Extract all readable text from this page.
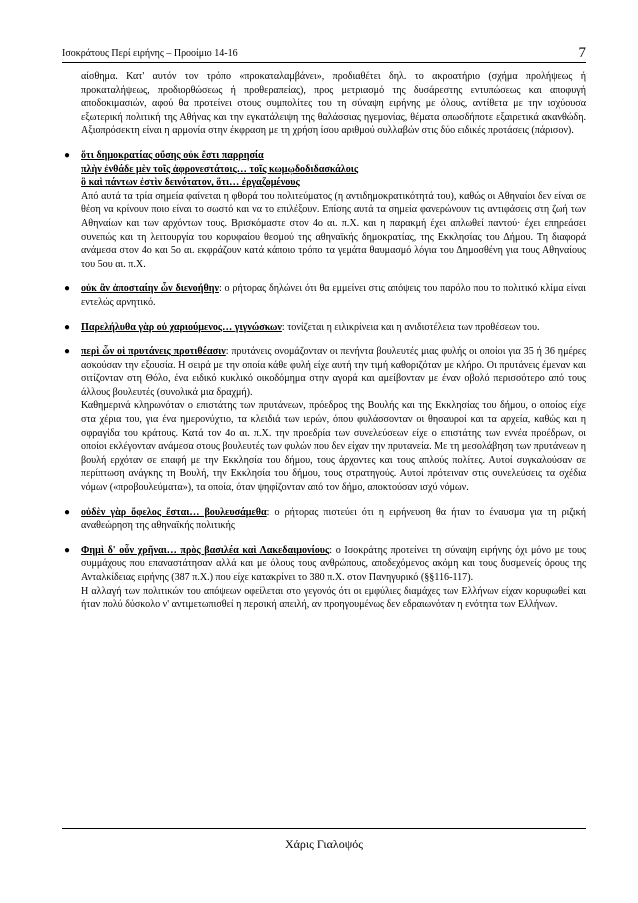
Ισοκράτους Περί ειρήνης – Προοίμιο 14-16	7

αίσθημα. Κατ' αυτόν τον τρόπο «προκαταλαμβάνει», προδιαθέτει δηλ. το ακροατήριο (σχήμα προλήψεως ή προκαταλήψεως, προδιορθώσεως ή προθεραπείας), προς μετριασμό της δυσάρεστης εντυπώσεως και αποφυγή αποδοκιμασιών, αφού θα προτείνει στους συμπολίτες του τη σύναψη ειρήνης με όλους, αντίθετα με την ισχύουσα εξωτερική πολιτική της Αθήνας και την εγκατάλειψη της θαλάσσιας ηγεμονίας, θέματα οπωσδήποτε εξαιρετικά ακανθώδη. Αξιοπρόσεκτη είναι η αρμονία στην έκφραση με τη χρήση ίσου αριθμού συλλαβών στις δύο ειδικές προτάσεις (πάρισον).

● ὅτι δημοκρατίας οὔσης οὐκ ἔστι παρρησία
πλὴν ἐνθάδε μὲν τοῖς ἀφρονεστάτοις… τοῖς κωμῳδοδιδασκάλοις
ὃ καὶ πάντων ἐστὶν δεινότατον, ὅτι… ἐργαζομένους
Από αυτά τα τρία σημεία φαίνεται η φθορά του πολιτεύματος (η αντιδημοκρατικότητά του), καθώς οι Αθηναίοι δεν είναι σε θέση να κρίνουν ποιο είναι το σωστό και να το επιλέξουν. Επίσης αυτά τα σημεία φανερώνουν τις αντιφάσεις στη ζωή των Αθηναίων και των αρχόντων τους. Βρισκόμαστε στον 4ο αι. π.Χ. και η παρακμή έχει απλωθεί παντού· έχει επηρεάσει συνεπώς και τη λειτουργία του κορυφαίου θεσμού της αθηναϊκής δημοκρατίας, της Εκκλησίας του Δήμου. Τη διαφορά ανάμεσα στον 4ο και 5ο αι. εκφράζουν κατά κάποιο τρόπο τα γεμάτα θαυμασμό λόγια του Δημοσθένη για τους Αθηναίους του 5ου αι. π.Χ.

● οὐκ ἂν ἀποσταίην ὧν διενοήθην: ο ρήτορας δηλώνει ότι θα εμμείνει στις απόψεις του παρόλο που το πολιτικό κλίμα είναι εντελώς αρνητικό.

● Παρελήλυθα γὰρ οὐ χαριούμενος… γιγνώσκων: τονίζεται η ειλικρίνεια και η ανιδιοτέλεια των προθέσεων του.

● περὶ ὧν οἱ πρυτάνεις προτιθέασιν: πρυτάνεις ονομάζονταν οι πενήντα βουλευτές μιας φυλής οι οποίοι για 35 ή 36 ημέρες ασκούσαν την εξουσία. Η σειρά με την οποία κάθε φυλή είχε αυτή την τιμή καθοριζόταν με κλήρο. Οι πρυτάνεις έμεναν και σιτίζονταν στη Θόλο, ένα ειδικό κυκλικό οικοδόμημα στην αγορά και αμείβονταν με έναν οβολό περισσότερο από τους άλλους βουλευτές (συνολικά μια δραχμή).

Καθημερινά κληρωνόταν ο επιστάτης των πρυτάνεων, πρόεδρος της Βουλής και της Εκκλησίας του δήμου, ο οποίος είχε στα χέρια του, για ένα ημερονύχτιο, τα κλειδιά των ιερών, όπου φυλάσσονταν οι θησαυροί και τα αρχεία, καθώς και η σφραγίδα του κράτους. Κατά τον 4ο αι. π.Χ. την προεδρία των συνελεύσεων είχε ο επιστάτης των εννέα προέδρων, οι οποίοι εκλέγονταν ανάμεσα στους βουλευτές των φυλών που δεν είχαν την πρυτανεία. Με τη μεσολάβηση των πρυτάνεων η βουλή ερχόταν σε επαφή με την Εκκλησία του δήμου, τους άρχοντες και τους απλούς πολίτες. Αυτοί συγκαλούσαν σε περίπτωση ανάγκης τη Βουλή, την Εκκλησία του δήμου, τους στρατηγούς. Αυτοί πρότειναν στις συνελεύσεις τα σχέδια νόμων («προβουλεύματα»), τα οποία, όταν ψηφίζονταν από τον δήμο, αποκτούσαν ισχύ νόμων.

● οὐδὲν γὰρ ὄφελος ἔσται… βουλευσάμεθα: ο ρήτορας πιστεύει ότι η ειρήνευση θα ήταν το έναυσμα για τη ριζική αναθεώρηση της αθηναϊκής πολιτικής

● Φημὶ δ' οὖν χρῆναι… πρὸς βασιλέα καὶ Λακεδαιμονίους: ο Ισοκράτης προτείνει τη σύναψη ειρήνης όχι μόνο με τους συμμάχους που επαναστάτησαν αλλά και με όλους τους ανθρώπους, αποδεχόμενος ακόμη και τους δυσμενείς όρους της Ανταλκίδειας ειρήνης (387 π.Χ.) που είχε κατακρίνει το 380 π.Χ. στον Πανηγυρικό (§§116-117).

Η αλλαγή των πολιτικών του απόψεων οφείλεται στο γεγονός ότι οι εμφύλιες διαμάχες των Ελλήνων είχαν κορυφωθεί και ήταν πολύ δύσκολο ν' αντιμετωπισθεί η περσική απειλή, αν προηγουμένως δεν εδραιωνόταν η ενότητα των Ελλήνων.

Χάρις Γιαλοψός
